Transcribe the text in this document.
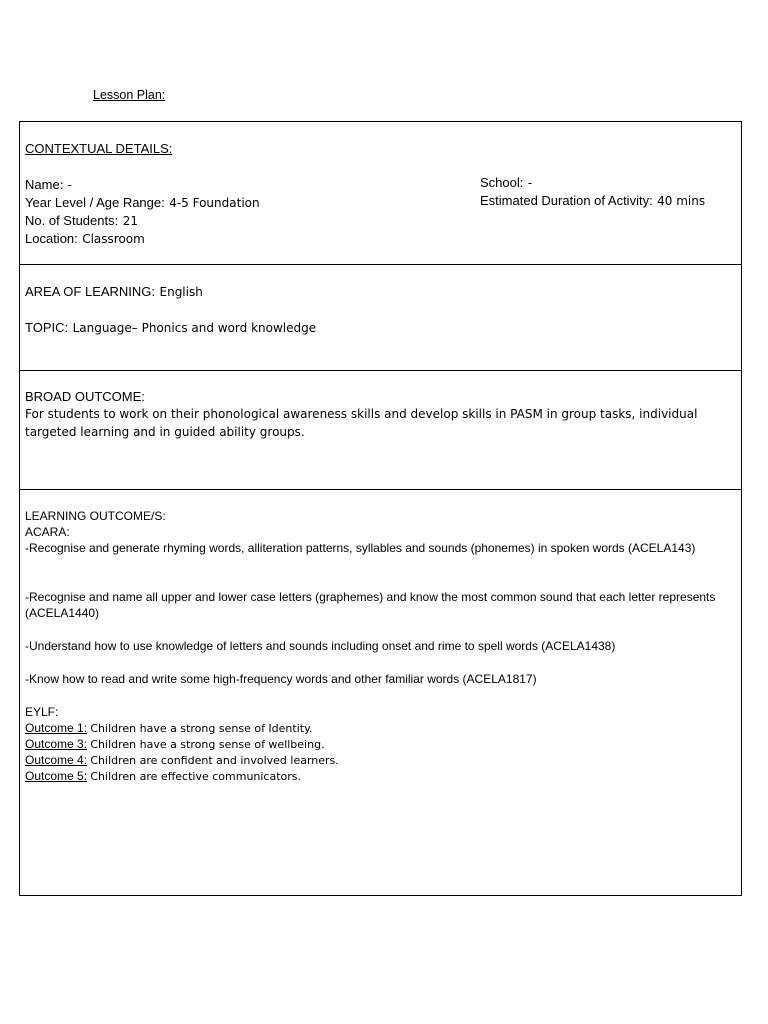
Lesson Plan:
CONTEXTUAL DETAILS:
Name: -
Year Level / Age Range: 4-5 Foundation
No. of Students: 21
Location: Classroom
School: -
Estimated Duration of Activity: 40 mins
AREA OF LEARNING: English
TOPIC: Language– Phonics and word knowledge
BROAD OUTCOME:
For students to work on their phonological awareness skills and develop skills in PASM in group tasks, individual targeted learning and in guided ability groups.
LEARNING OUTCOME/S:
ACARA:
-Recognise and generate rhyming words, alliteration patterns, syllables and sounds (phonemes) in spoken words (ACELA143)
-Recognise and name all upper and lower case letters (graphemes) and know the most common sound that each letter represents (ACELA1440)
-Understand how to use knowledge of letters and sounds including onset and rime to spell words (ACELA1438)
-Know how to read and write some high-frequency words and other familiar words (ACELA1817)
EYLF:
Outcome 1: Children have a strong sense of Identity.
Outcome 3: Children have a strong sense of wellbeing.
Outcome 4: Children are confident and involved learners.
Outcome 5: Children are effective communicators.
